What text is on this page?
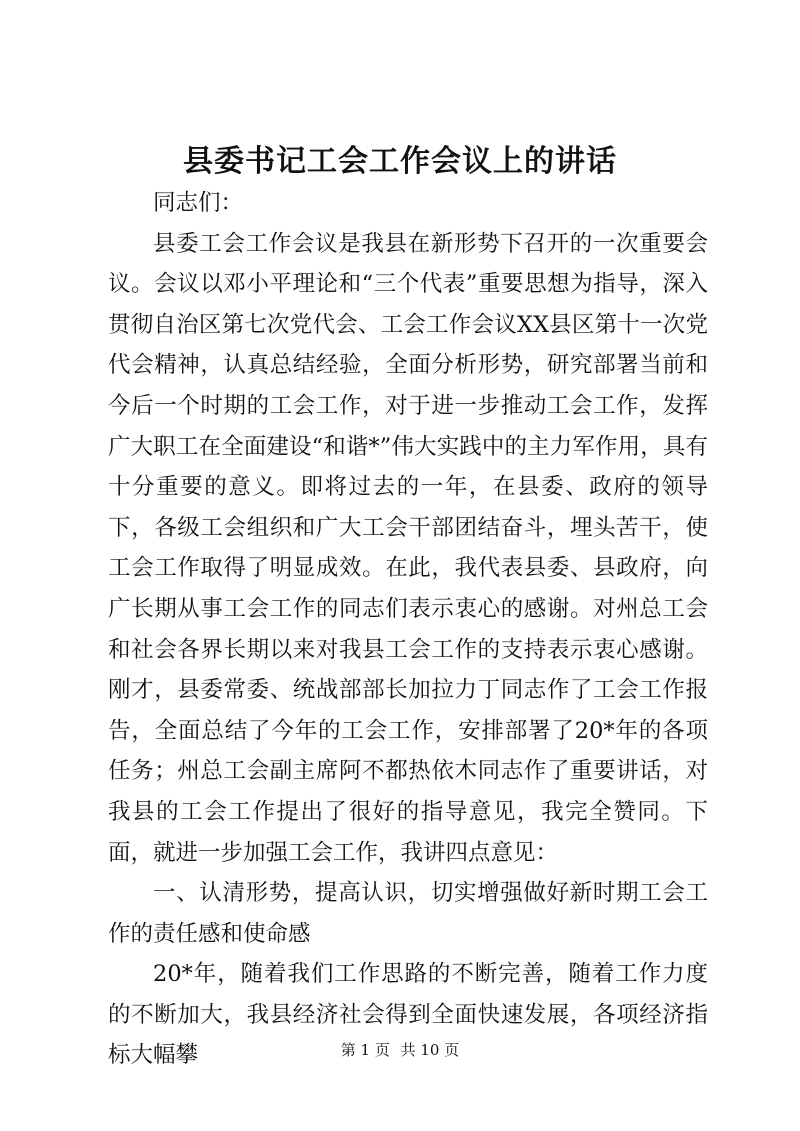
县委书记工会工作会议上的讲话

同志们：

县委工会工作会议是我县在新形势下召开的一次重要会议。会议以邓小平理论和“三个代表”重要思想为指导，深入贯彻自治区第七次党代会、工会工作会议XX县区第十一次党代会精神，认真总结经验，全面分析形势，研究部署当前和今后一个时期的工会工作，对于进一步推动工会工作，发挥广大职工在全面建设“和谐*”伟大实践中的主力军作用，具有十分重要的意义。即将过去的一年，在县委、政府的领导下，各级工会组织和广大工会干部团结奋斗，埋头苦干，使工会工作取得了明显成效。在此，我代表县委、县政府，向广长期从事工会工作的同志们表示衷心的感谢。对州总工会和社会各界长期以来对我县工会工作的支持表示衷心感谢。刚才，县委常委、统战部部长加拉力丁同志作了工会工作报告，全面总结了今年的工会工作，安排部署了20*年的各项任务；州总工会副主席阿不都热依木同志作了重要讲话，对我县的工会工作提出了很好的指导意见，我完全赞同。下面，就进一步加强工会工作，我讲四点意见：

一、认清形势，提高认识，切实增强做好新时期工会工作的责任感和使命感

20*年，随着我们工作思路的不断完善，随着工作力度的不断加大，我县经济社会得到全面快速发展，各项经济指标大幅攀	第 1 页 共 10 页
